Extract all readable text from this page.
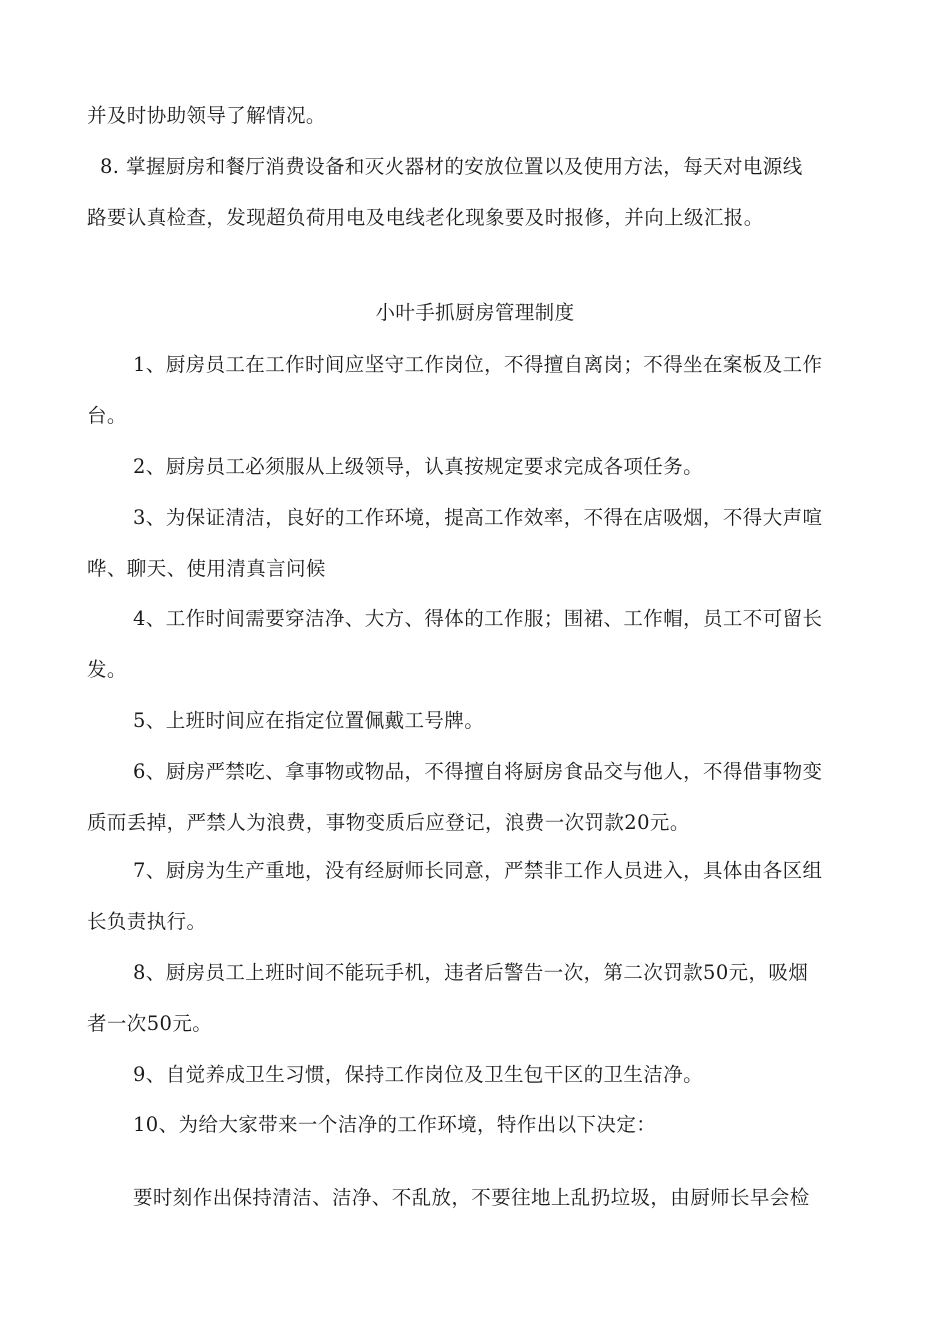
并及时协助领导了解情况。
8. 掌握厨房和餐厅消费设备和灭火器材的安放位置以及使用方法，每天对电源线
路要认真检查，发现超负荷用电及电线老化现象要及时报修，并向上级汇报。
小叶手抓厨房管理制度
1、厨房员工在工作时间应坚守工作岗位，不得擅自离岗；不得坐在案板及工作
台。
2、厨房员工必须服从上级领导，认真按规定要求完成各项任务。
3、为保证清洁，良好的工作环境，提高工作效率，不得在店吸烟，不得大声喧
哗、聊天、使用清真言问候
4、工作时间需要穿洁净、大方、得体的工作服；围裙、工作帽，员工不可留长
发。
5、上班时间应在指定位置佩戴工号牌。
6、厨房严禁吃、拿事物或物品，不得擅自将厨房食品交与他人，不得借事物变
质而丢掉，严禁人为浪费，事物变质后应登记，浪费一次罚款20元。
7、厨房为生产重地，没有经厨师长同意，严禁非工作人员进入，具体由各区组
长负责执行。
8、厨房员工上班时间不能玩手机，违者后警告一次，第二次罚款50元，吸烟
者一次50元。
9、自觉养成卫生习惯，保持工作岗位及卫生包干区的卫生洁净。
10、为给大家带来一个洁净的工作环境，特作出以下决定：
要时刻作出保持清洁、洁净、不乱放，不要往地上乱扔垃圾，由厨师长早会检
